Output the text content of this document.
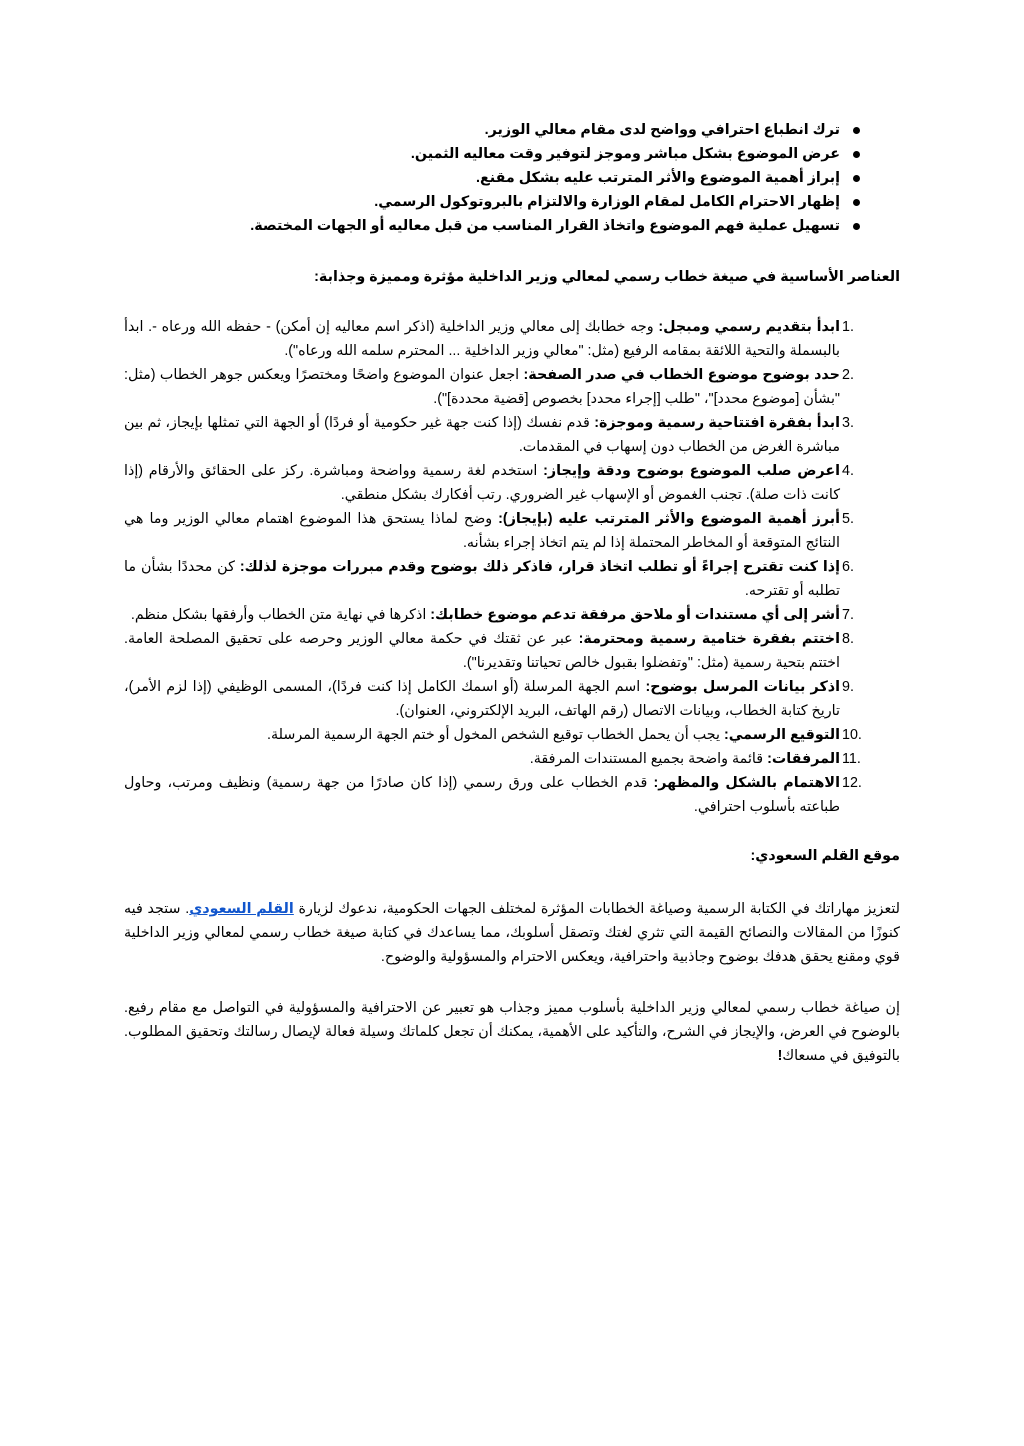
ترك انطباع احترافي وواضح لدى مقام معالي الوزير.
عرض الموضوع بشكل مباشر وموجز لتوفير وقت معاليه الثمين.
إبراز أهمية الموضوع والأثر المترتب عليه بشكل مقنع.
إظهار الاحترام الكامل لمقام الوزارة والالتزام بالبروتوكول الرسمي.
تسهيل عملية فهم الموضوع واتخاذ القرار المناسب من قبل معاليه أو الجهات المختصة.

العناصر الأساسية في صيغة خطاب رسمي لمعالي وزير الداخلية مؤثرة ومميزة وجذابة:

1.
ابدأ بتقديم رسمي ومبجل: وجه خطابك إلى معالي وزير الداخلية (اذكر اسم معاليه إن أمكن) - حفظه الله ورعاه -. ابدأ بالبسملة والتحية اللائقة بمقامه الرفيع (مثل: "معالي وزير الداخلية ... المحترم سلمه الله ورعاه").
2.
حدد بوضوح موضوع الخطاب في صدر الصفحة: اجعل عنوان الموضوع واضحًا ومختصرًا ويعكس جوهر الخطاب (مثل: "بشأن [موضوع محدد]"، "طلب [إجراء محدد] بخصوص [قضية محددة]").
3.
ابدأ بفقرة افتتاحية رسمية وموجزة: قدم نفسك (إذا كنت جهة غير حكومية أو فردًا) أو الجهة التي تمثلها بإيجاز، ثم بين مباشرة الغرض من الخطاب دون إسهاب في المقدمات.
4.
اعرض صلب الموضوع بوضوح ودقة وإيجاز: استخدم لغة رسمية وواضحة ومباشرة. ركز على الحقائق والأرقام (إذا كانت ذات صلة). تجنب الغموض أو الإسهاب غير الضروري. رتب أفكارك بشكل منطقي.
5.
أبرز أهمية الموضوع والأثر المترتب عليه (بإيجاز): وضح لماذا يستحق هذا الموضوع اهتمام معالي الوزير وما هي النتائج المتوقعة أو المخاطر المحتملة إذا لم يتم اتخاذ إجراء بشأنه.
6.
إذا كنت تقترح إجراءً أو تطلب اتخاذ قرار، فاذكر ذلك بوضوح وقدم مبررات موجزة لذلك: كن محددًا بشأن ما تطلبه أو تقترحه.
7.
أشر إلى أي مستندات أو ملاحق مرفقة تدعم موضوع خطابك: اذكرها في نهاية متن الخطاب وأرفقها بشكل منظم.
8.
اختتم بفقرة ختامية رسمية ومحترمة: عبر عن ثقتك في حكمة معالي الوزير وحرصه على تحقيق المصلحة العامة. اختتم بتحية رسمية (مثل: "وتفضلوا بقبول خالص تحياتنا وتقديرنا").
9.
اذكر بيانات المرسل بوضوح: اسم الجهة المرسلة (أو اسمك الكامل إذا كنت فردًا)، المسمى الوظيفي (إذا لزم الأمر)، تاريخ كتابة الخطاب، وبيانات الاتصال (رقم الهاتف، البريد الإلكتروني، العنوان).
10.
التوقيع الرسمي: يجب أن يحمل الخطاب توقيع الشخص المخول أو ختم الجهة الرسمية المرسلة.
11.
المرفقات: قائمة واضحة بجميع المستندات المرفقة.
12.
الاهتمام بالشكل والمظهر: قدم الخطاب على ورق رسمي (إذا كان صادرًا من جهة رسمية) ونظيف ومرتب، وحاول طباعته بأسلوب احترافي.

موقع القلم السعودي:

لتعزيز مهاراتك في الكتابة الرسمية وصياغة الخطابات المؤثرة لمختلف الجهات الحكومية، ندعوك لزيارة القلم السعودي. ستجد فيه كنوزًا من المقالات والنصائح القيمة التي تثري لغتك وتصقل أسلوبك، مما يساعدك في كتابة صيغة خطاب رسمي لمعالي وزير الداخلية قوي ومقنع يحقق هدفك بوضوح وجاذبية واحترافية، ويعكس الاحترام والمسؤولية والوضوح.

إن صياغة خطاب رسمي لمعالي وزير الداخلية بأسلوب مميز وجذاب هو تعبير عن الاحترافية والمسؤولية في التواصل مع مقام رفيع. بالوضوح في العرض، والإيجاز في الشرح، والتأكيد على الأهمية، يمكنك أن تجعل كلماتك وسيلة فعالة لإيصال رسالتك وتحقيق المطلوب. بالتوفيق في مسعاك!
